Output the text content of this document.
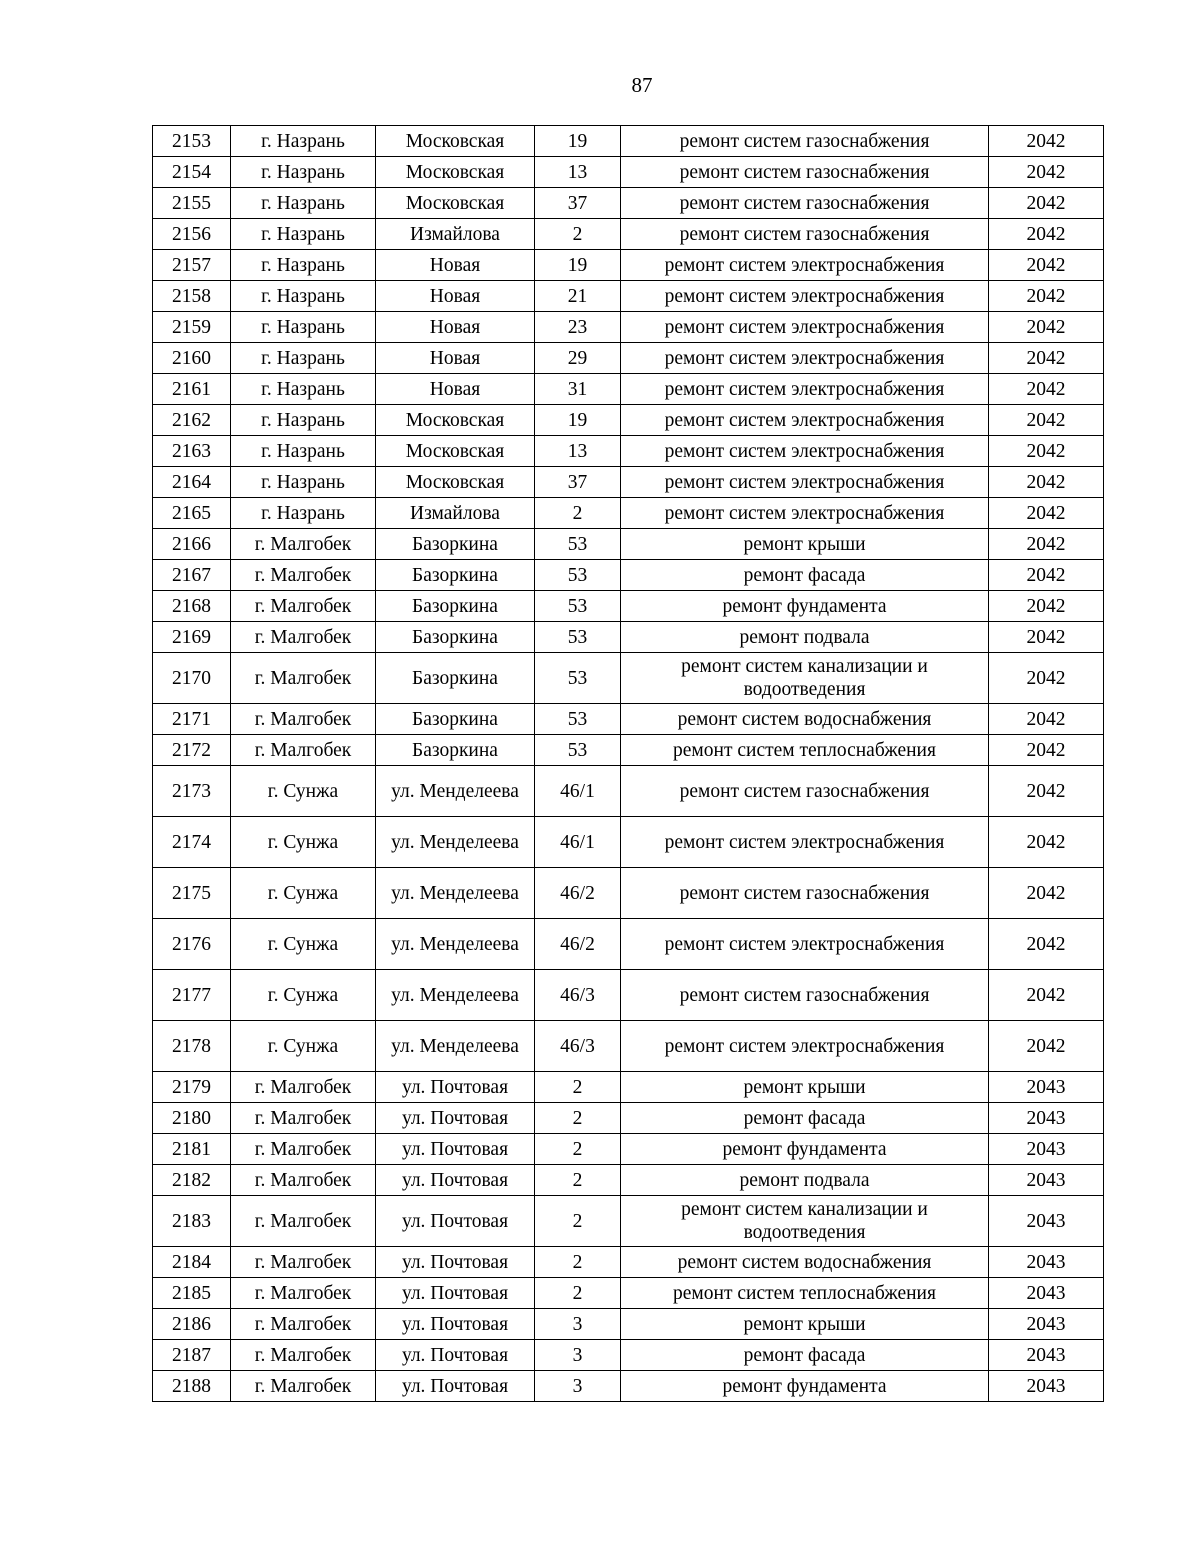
87
2153	г. Назрань	Московская	19	ремонт систем газоснабжения	2042
2154	г. Назрань	Московская	13	ремонт систем газоснабжения	2042
2155	г. Назрань	Московская	37	ремонт систем газоснабжения	2042
2156	г. Назрань	Измайлова	2	ремонт систем газоснабжения	2042
2157	г. Назрань	Новая	19	ремонт систем электроснабжения	2042
2158	г. Назрань	Новая	21	ремонт систем электроснабжения	2042
2159	г. Назрань	Новая	23	ремонт систем электроснабжения	2042
2160	г. Назрань	Новая	29	ремонт систем электроснабжения	2042
2161	г. Назрань	Новая	31	ремонт систем электроснабжения	2042
2162	г. Назрань	Московская	19	ремонт систем электроснабжения	2042
2163	г. Назрань	Московская	13	ремонт систем электроснабжения	2042
2164	г. Назрань	Московская	37	ремонт систем электроснабжения	2042
2165	г. Назрань	Измайлова	2	ремонт систем электроснабжения	2042
2166	г. Малгобек	Базоркина	53	ремонт крыши	2042
2167	г. Малгобек	Базоркина	53	ремонт фасада	2042
2168	г. Малгобек	Базоркина	53	ремонт фундамента	2042
2169	г. Малгобек	Базоркина	53	ремонт подвала	2042
2170	г. Малгобек	Базоркина	53	ремонт систем канализации и водоотведения	2042
2171	г. Малгобек	Базоркина	53	ремонт систем водоснабжения	2042
2172	г. Малгобек	Базоркина	53	ремонт систем теплоснабжения	2042
2173	г. Сунжа	ул. Менделеева	46/1	ремонт систем газоснабжения	2042
2174	г. Сунжа	ул. Менделеева	46/1	ремонт систем электроснабжения	2042
2175	г. Сунжа	ул. Менделеева	46/2	ремонт систем газоснабжения	2042
2176	г. Сунжа	ул. Менделеева	46/2	ремонт систем электроснабжения	2042
2177	г. Сунжа	ул. Менделеева	46/3	ремонт систем газоснабжения	2042
2178	г. Сунжа	ул. Менделеева	46/3	ремонт систем электроснабжения	2042
2179	г. Малгобек	ул. Почтовая	2	ремонт крыши	2043
2180	г. Малгобек	ул. Почтовая	2	ремонт фасада	2043
2181	г. Малгобек	ул. Почтовая	2	ремонт фундамента	2043
2182	г. Малгобек	ул. Почтовая	2	ремонт подвала	2043
2183	г. Малгобек	ул. Почтовая	2	ремонт систем канализации и водоотведения	2043
2184	г. Малгобек	ул. Почтовая	2	ремонт систем водоснабжения	2043
2185	г. Малгобек	ул. Почтовая	2	ремонт систем теплоснабжения	2043
2186	г. Малгобек	ул. Почтовая	3	ремонт крыши	2043
2187	г. Малгобек	ул. Почтовая	3	ремонт фасада	2043
2188	г. Малгобек	ул. Почтовая	3	ремонт фундамента	2043
